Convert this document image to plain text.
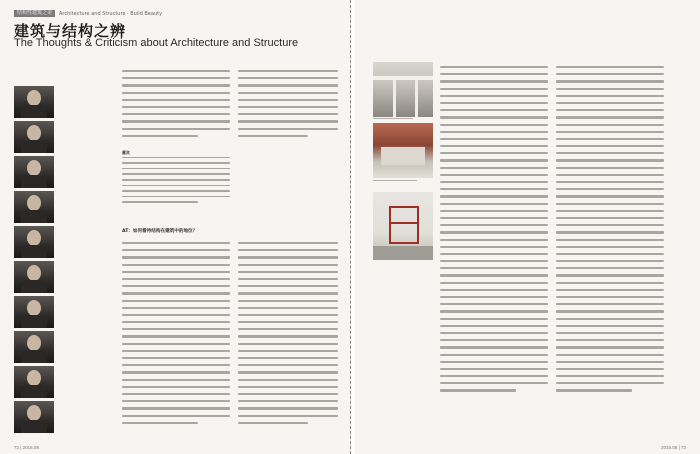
结构性建筑之美	Architecture and Structure · Build Beauty
建筑与结构之辨
The Thoughts & Criticism about Architecture and Structure
嘉宾
AT：如何看待结构在建筑中的地位？
72 | 2016.08	2016.08 | 73
